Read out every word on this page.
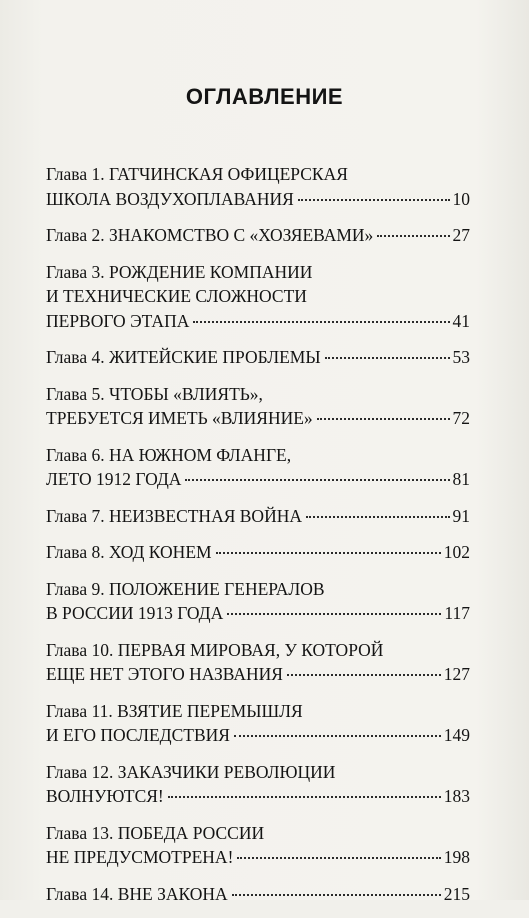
ОГЛАВЛЕНИЕ
Глава 1. ГАТЧИНСКАЯ ОФИЦЕРСКАЯ
ШКОЛА ВОЗДУХОПЛАВАНИЯ	10
Глава 2. ЗНАКОМСТВО С «ХОЗЯЕВАМИ»	27
Глава 3. РОЖДЕНИЕ КОМПАНИИ
И ТЕХНИЧЕСКИЕ СЛОЖНОСТИ
ПЕРВОГО ЭТАПА	41
Глава 4. ЖИТЕЙСКИЕ ПРОБЛЕМЫ	53
Глава 5. ЧТОБЫ «ВЛИЯТЬ»,
ТРЕБУЕТСЯ ИМЕТЬ «ВЛИЯНИЕ»	72
Глава 6. НА ЮЖНОМ ФЛАНГЕ,
ЛЕТО 1912 ГОДА	81
Глава 7. НЕИЗВЕСТНАЯ ВОЙНА	91
Глава 8. ХОД КОНЕМ	102
Глава 9. ПОЛОЖЕНИЕ ГЕНЕРАЛОВ
В РОССИИ 1913 ГОДА	117
Глава 10. ПЕРВАЯ МИРОВАЯ, У КОТОРОЙ
ЕЩЕ НЕТ ЭТОГО НАЗВАНИЯ	127
Глава 11. ВЗЯТИЕ ПЕРЕМЫШЛЯ
И ЕГО ПОСЛЕДСТВИЯ	149
Глава 12. ЗАКАЗЧИКИ РЕВОЛЮЦИИ
ВОЛНУЮТСЯ!	183
Глава 13. ПОБЕДА РОССИИ
НЕ ПРЕДУСМОТРЕНА!	198
Глава 14. ВНЕ ЗАКОНА	215
